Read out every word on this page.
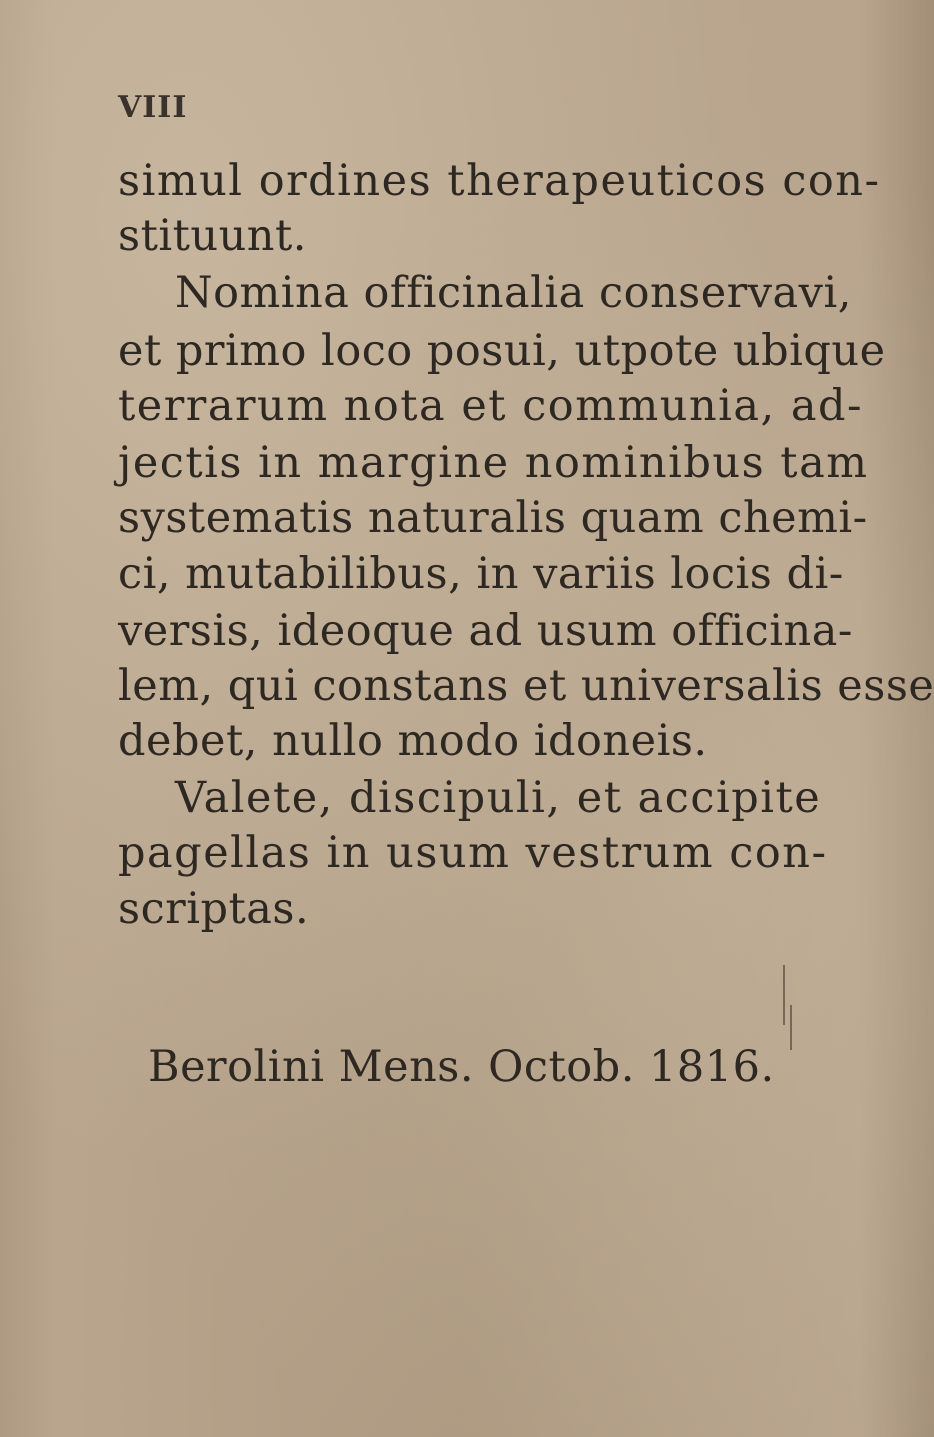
VIII
simul ordines therapeuticos con-
stituunt.
Nomina officinalia conservavi,
et primo loco posui, utpote ubique
terrarum nota et communia, ad-
jectis in margine nominibus tam
systematis naturalis quam chemi-
ci, mutabilibus, in variis locis di-
versis, ideoque ad usum officina-
lem, qui constans et universalis esse
debet, nullo modo idoneis.
Valete, discipuli, et accipite
pagellas in usum vestrum con-
scriptas.
Berolini Mens. Octob. 1816.
